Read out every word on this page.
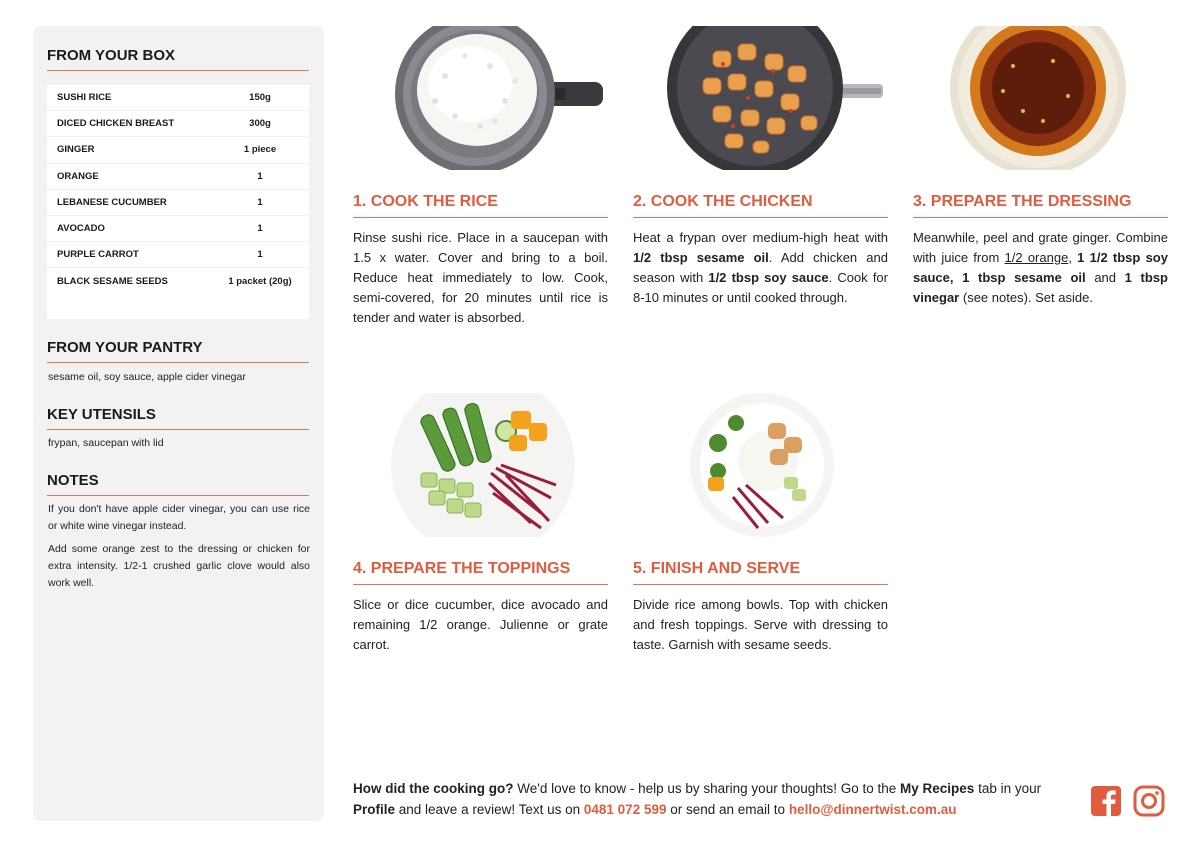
FROM YOUR BOX
SUSHI RICE	150g
DICED CHICKEN BREAST	300g
GINGER	1 piece
ORANGE	1
LEBANESE CUCUMBER	1
AVOCADO	1
PURPLE CARROT	1
BLACK SESAME SEEDS	1 packet (20g)
FROM YOUR PANTRY
sesame oil, soy sauce, apple cider vinegar
KEY UTENSILS
frypan, saucepan with lid
NOTES

If you don't have apple cider vinegar, you can use rice or white wine vinegar instead.

Add some orange zest to the dressing or chicken for extra intensity. 1/2-1 crushed garlic clove would also work well.

1. COOK THE RICE
Rinse sushi rice. Place in a saucepan with 1.5 x water. Cover and bring to a boil. Reduce heat immediately to low. Cook, semi-covered, for 20 minutes until rice is tender and water is absorbed.
2. COOK THE CHICKEN
Heat a frypan over medium-high heat with 1/2 tbsp sesame oil. Add chicken and season with 1/2 tbsp soy sauce. Cook for 8-10 minutes or until cooked through.
3. PREPARE THE DRESSING
Meanwhile, peel and grate ginger. Combine with juice from 1/2 orange, 1 1/2 tbsp soy sauce, 1 tbsp sesame oil and 1 tbsp vinegar (see notes). Set aside.
4. PREPARE THE TOPPINGS
Slice or dice cucumber, dice avocado and remaining 1/2 orange. Julienne or grate carrot.
5. FINISH AND SERVE
Divide rice among bowls. Top with chicken and fresh toppings. Serve with dressing to taste. Garnish with sesame seeds.
How did the cooking go? We'd love to know - help us by sharing your thoughts! Go to the My Recipes tab in your Profile and leave a review! Text us on 0481 072 599 or send an email to hello@dinnertwist.com.au
